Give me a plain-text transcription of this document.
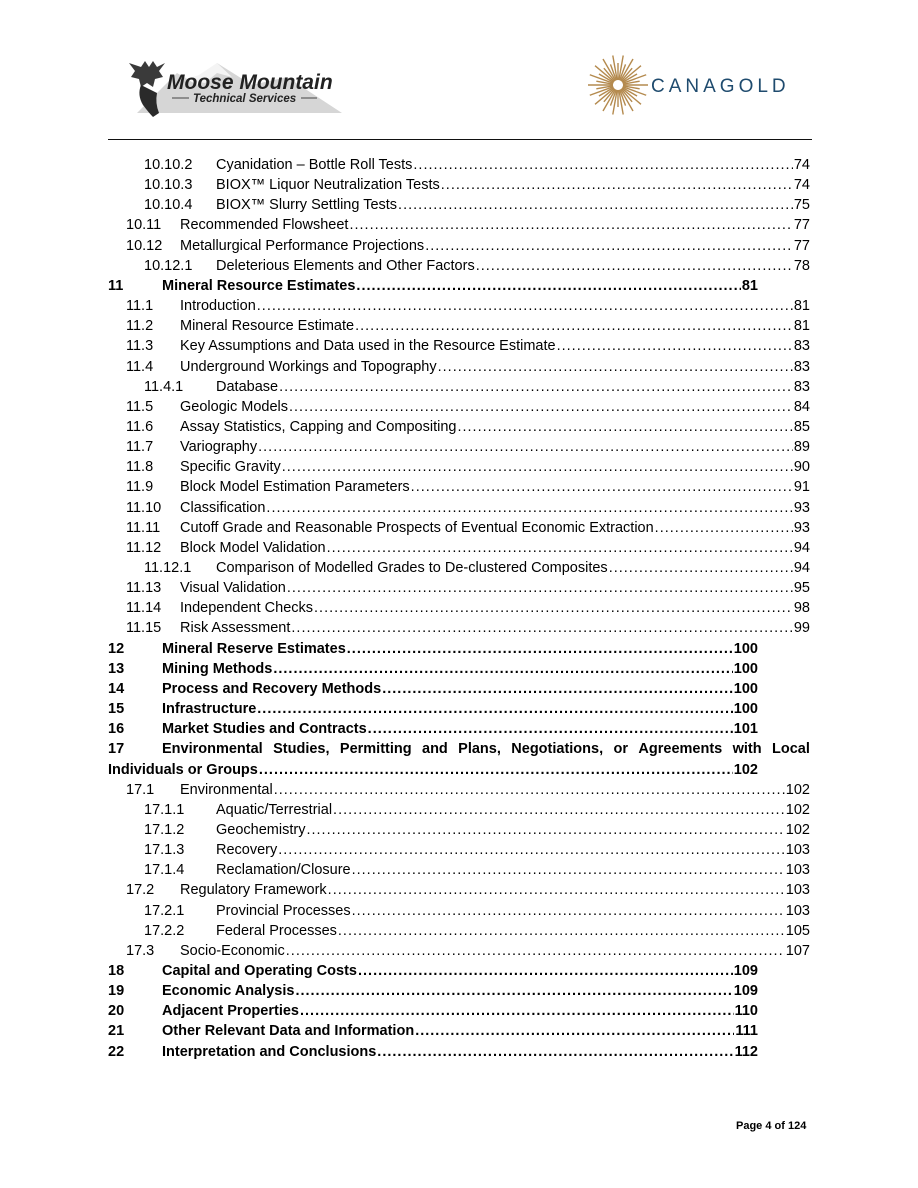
Moose Mountain
Technical Services
CANAGOLD
10.10.2 Cyanidation – Bottle Roll Tests .....	74
10.10.3 BIOX™ Liquor Neutralization Tests .....	74
10.10.4 BIOX™ Slurry Settling Tests .....	75
10.11 Recommended Flowsheet .....	77
10.12 Metallurgical Performance Projections .....	77
10.12.1 Deleterious Elements and Other Factors .....	78
11	Mineral Resource Estimates .....	81
11.1 Introduction .....	81
11.2 Mineral Resource Estimate .....	81
11.3 Key Assumptions and Data used in the Resource Estimate .....	83
11.4 Underground Workings and Topography .....	83
11.4.1 Database .....	83
11.5 Geologic Models .....	84
11.6 Assay Statistics, Capping and Compositing .....	85
11.7 Variography .....	89
11.8 Specific Gravity .....	90
11.9 Block Model Estimation Parameters .....	91
11.10 Classification .....	93
11.11 Cutoff Grade and Reasonable Prospects of Eventual Economic Extraction .....	93
11.12 Block Model Validation .....	94
11.12.1 Comparison of Modelled Grades to De-clustered Composites .....	94
11.13 Visual Validation .....	95
11.14 Independent Checks .....	98
11.15 Risk Assessment .....	99
12	Mineral Reserve Estimates .....	100
13	Mining Methods .....	100
14	Process and Recovery Methods .....	100
15	Infrastructure .....	100
16	Market Studies and Contracts .....	101
17	Environmental Studies, Permitting and Plans, Negotiations, or Agreements with Local
Individuals or Groups .....	102
17.1 Environmental .....	102
17.1.1 Aquatic/Terrestrial .....	102
17.1.2 Geochemistry .....	102
17.1.3 Recovery .....	103
17.1.4 Reclamation/Closure .....	103
17.2 Regulatory Framework .....	103
17.2.1 Provincial Processes .....	103
17.2.2 Federal Processes .....	105
17.3 Socio-Economic .....	107
18	Capital and Operating Costs .....	109
19	Economic Analysis .....	109
20	Adjacent Properties .....	110
21	Other Relevant Data and Information .....	111
22	Interpretation and Conclusions .....	112
Page 4 of 124
